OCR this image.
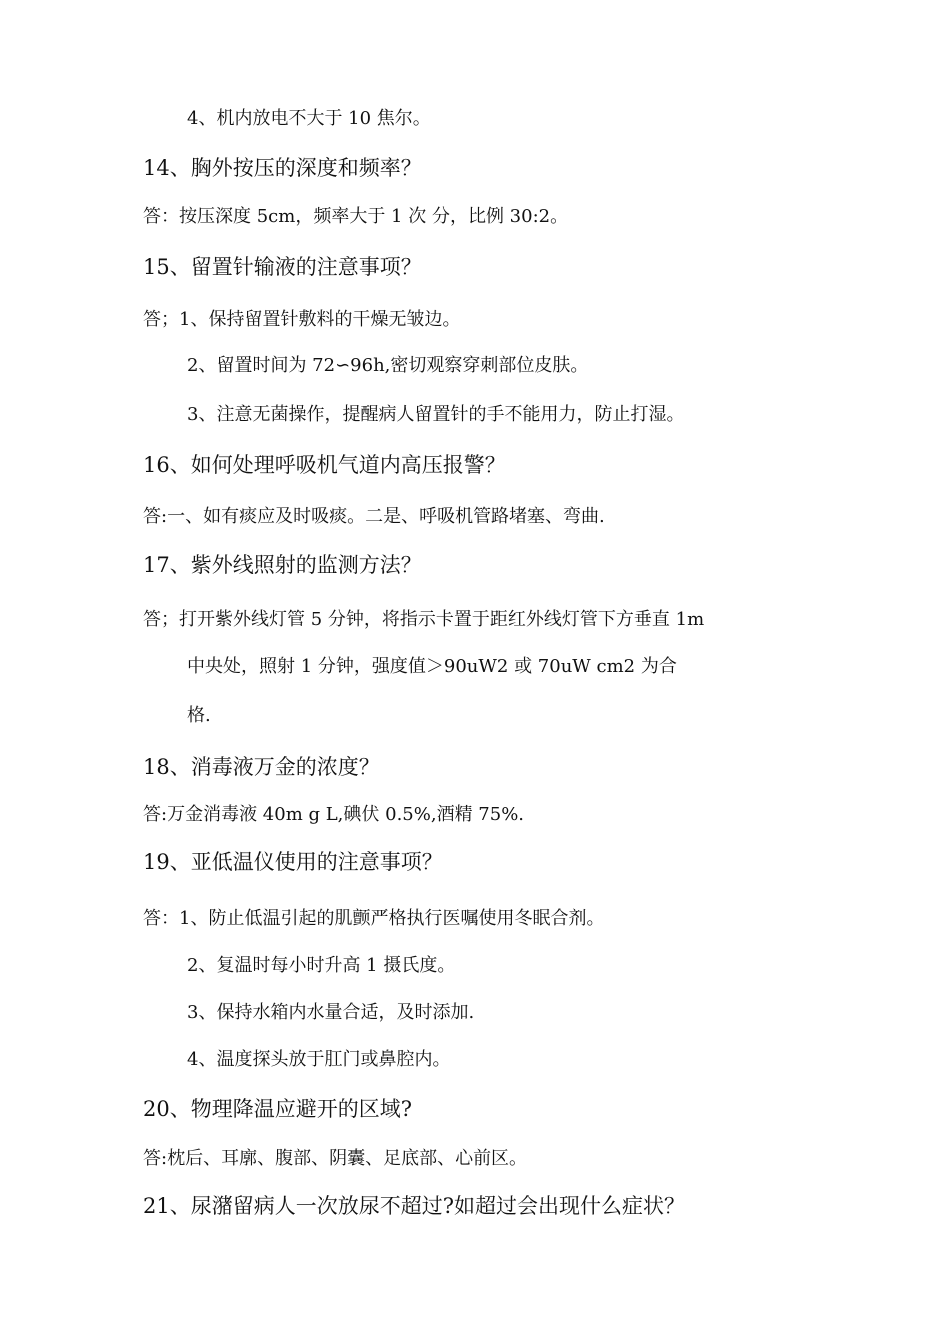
4、机内放电不大于 10 焦尔。
14、胸外按压的深度和频率？
答：按压深度 5cm，频率大于 1 次 分，比例 30:2。
15、留置针输液的注意事项？
答；1、保持留置针敷料的干燥无皱边。
2、留置时间为 72∽96h,密切观察穿刺部位皮肤。
3、注意无菌操作，提醒病人留置针的手不能用力，防止打湿。
16、如何处理呼吸机气道内高压报警？
答:一、如有痰应及时吸痰。二是、呼吸机管路堵塞、弯曲.
17、紫外线照射的监测方法？
答；打开紫外线灯管 5 分钟，将指示卡置于距红外线灯管下方垂直 1m
中央处，照射 1 分钟，强度值＞90uW2 或 70uW cm2 为合
格.
18、消毒液万金的浓度？
答:万金消毒液 40m g L,碘伏 0.5%,酒精 75%.
19、亚低温仪使用的注意事项？
答：1、防止低温引起的肌颤严格执行医嘱使用冬眠合剂。
2、复温时每小时升高 1 摄氏度。
3、保持水箱内水量合适，及时添加.
4、温度探头放于肛门或鼻腔内。
20、物理降温应避开的区域?
答:枕后、耳廓、腹部、阴囊、足底部、心前区。
21、尿潴留病人一次放尿不超过?如超过会出现什么症状？
